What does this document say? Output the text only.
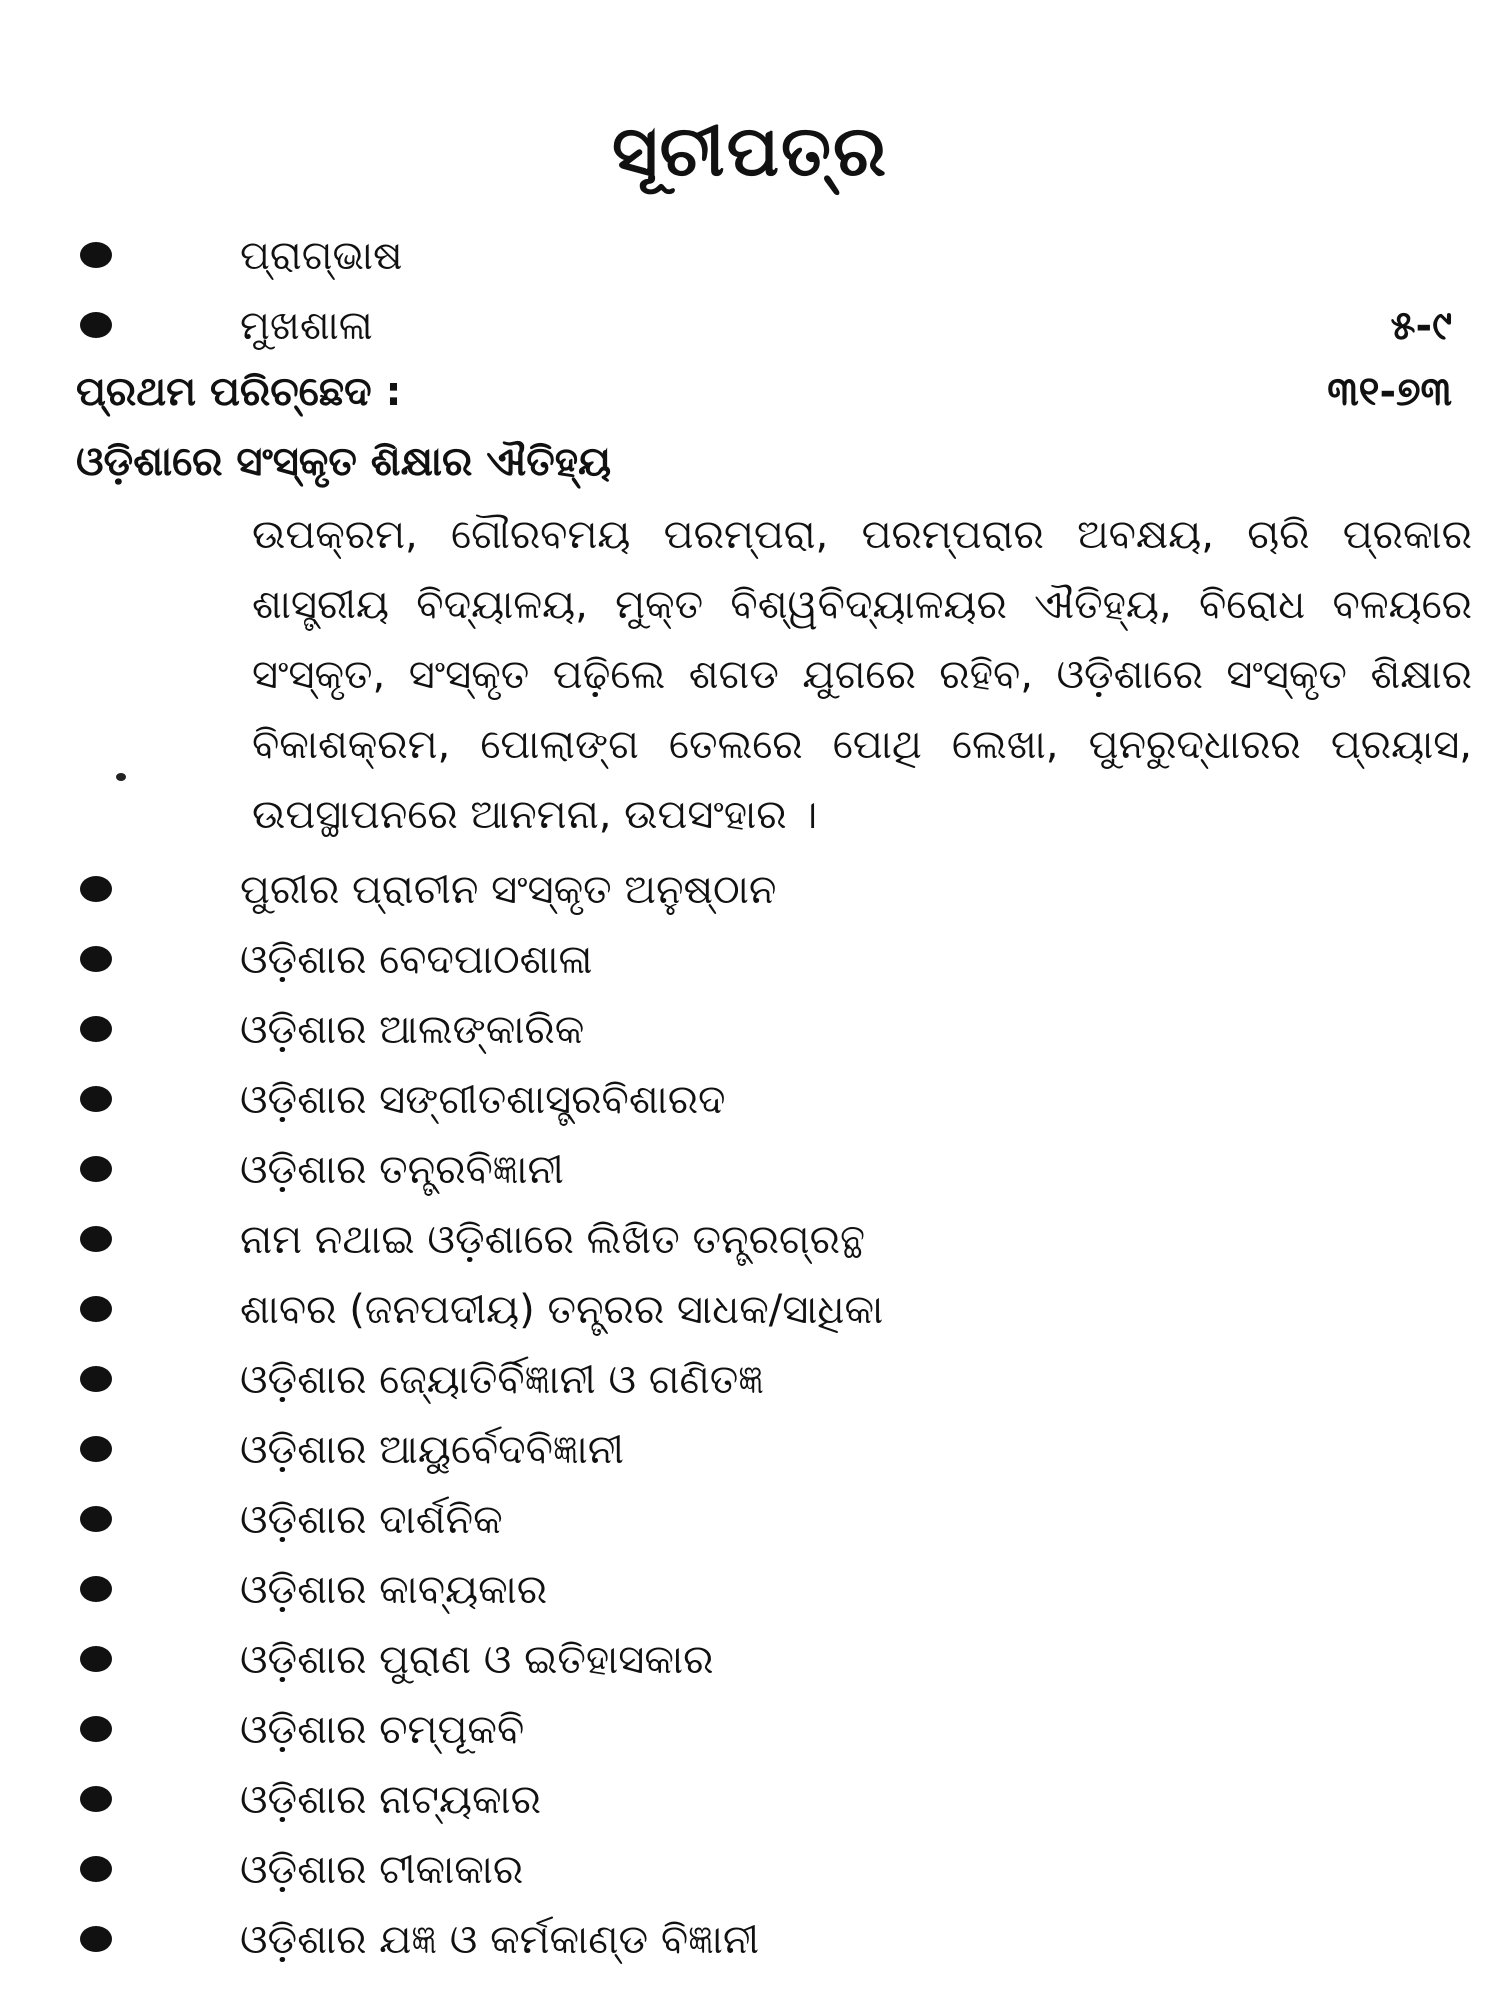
ସୂଚୀପତ୍ର
ପ୍ରାଗ୍‌ଭାଷ
ମୁଖଶାଳା	୫-୯
ପ୍ରଥମ ପରିଚ୍ଛେଦ :	୩୧-୭୩
ଓଡ଼ିଶାରେ ସଂସ୍କୃତ ଶିକ୍ଷାର ଐତିହ୍ୟ
ଉପକ୍ରମ, ଗୌରବମୟ ପରମ୍ପରା, ପରମ୍ପରାର ଅବକ୍ଷୟ, ଚାରି ପ୍ରକାର ଶାସ୍ତ୍ରୀୟ ବିଦ୍ୟାଳୟ, ମୁକ୍ତ ବିଶ୍ୱବିଦ୍ୟାଳୟର ଐତିହ୍ୟ, ବିରୋଧ ବଳୟରେ ସଂସ୍କୃତ, ସଂସ୍କୃତ ପଢ଼ିଲେ ଶଗଡ ଯୁଗରେ ରହିବ, ଓଡ଼ିଶାରେ ସଂସ୍କୃତ ଶିକ୍ଷାର ବିକାଶକ୍ରମ, ପୋଲାଙ୍ଗ ତେଲରେ ପୋଥି ଲେଖା, ପୁନରୁଦ୍ଧାରର ପ୍ରୟାସ, ଉପସ୍ଥାପନରେ ଆନମନା, ଉପସଂହାର ।
ପୁରୀର ପ୍ରାଚୀନ ସଂସ୍କୃତ ଅନୁଷ୍ଠାନ
ଓଡ଼ିଶାର ବେଦପାଠଶାଳା
ଓଡ଼ିଶାର ଆଲଙ୍କାରିକ
ଓଡ଼ିଶାର ସଙ୍ଗୀତଶାସ୍ତ୍ରବିଶାରଦ
ଓଡ଼ିଶାର ତନ୍ତ୍ରବିଜ୍ଞାନୀ
ନାମ ନଥାଇ ଓଡ଼ିଶାରେ ଲିଖିତ ତନ୍ତ୍ରଗ୍ରନ୍ଥ
ଶାବର (ଜନପଦୀୟ) ତନ୍ତ୍ରର ସାଧକ/ସାଧିକା
ଓଡ଼ିଶାର ଜ୍ୟୋତିର୍ବିଜ୍ଞାନୀ ଓ ଗଣିତଜ୍ଞ
ଓଡ଼ିଶାର ଆୟୁର୍ବେଦବିଜ୍ଞାନୀ
ଓଡ଼ିଶାର ଦାର୍ଶନିକ
ଓଡ଼ିଶାର କାବ୍ୟକାର
ଓଡ଼ିଶାର ପୁରାଣ ଓ ଇତିହାସକାର
ଓଡ଼ିଶାର ଚମ୍ପୂକବି
ଓଡ଼ିଶାର ନାଟ୍ୟକାର
ଓଡ଼ିଶାର ଟୀକାକାର
ଓଡ଼ିଶାର ଯଜ୍ଞ ଓ କର୍ମକାଣ୍ଡ ବିଜ୍ଞାନୀ
